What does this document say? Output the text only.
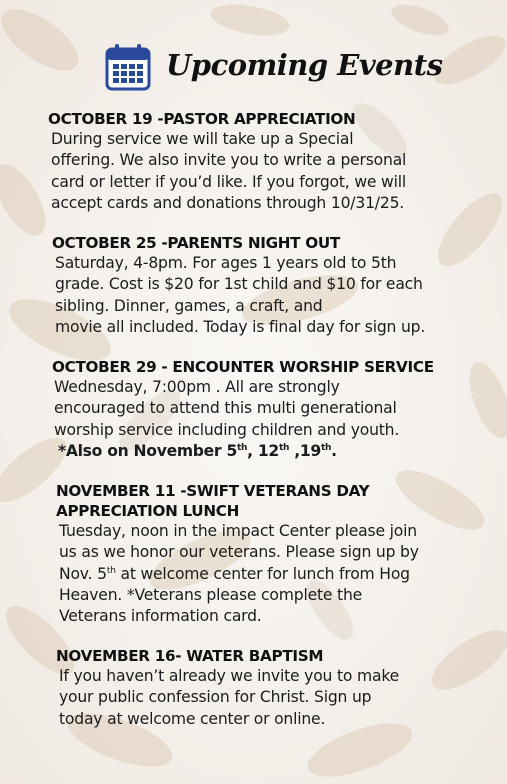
Upcoming Events
OCTOBER 19 -PASTOR APPRECIATION
During service we will take up a Special
offering. We also invite you to write a personal
card or letter if you’d like. If you forgot, we will
accept cards and donations through 10/31/25.
OCTOBER 25 -PARENTS NIGHT OUT
Saturday, 4-8pm. For ages 1 years old to 5th
grade. Cost is $20 for 1st child and $10 for each
sibling. Dinner, games, a craft, and
movie all included. Today is final day for sign up.
OCTOBER 29 - ENCOUNTER WORSHIP SERVICE
Wednesday, 7:00pm . All are strongly
encouraged to attend this multi generational
worship service including children and youth.
*Also on November 5th, 12th ,19th.
NOVEMBER 11 -SWIFT VETERANS DAY
APPRECIATION LUNCH
Tuesday, noon in the impact Center please join
us as we honor our veterans. Please sign up by
Nov. 5th at welcome center for lunch from Hog
Heaven. *Veterans please complete the
Veterans information card.
NOVEMBER 16- WATER BAPTISM
If you haven’t already we invite you to make
your public confession for Christ. Sign up
today at welcome center or online.
